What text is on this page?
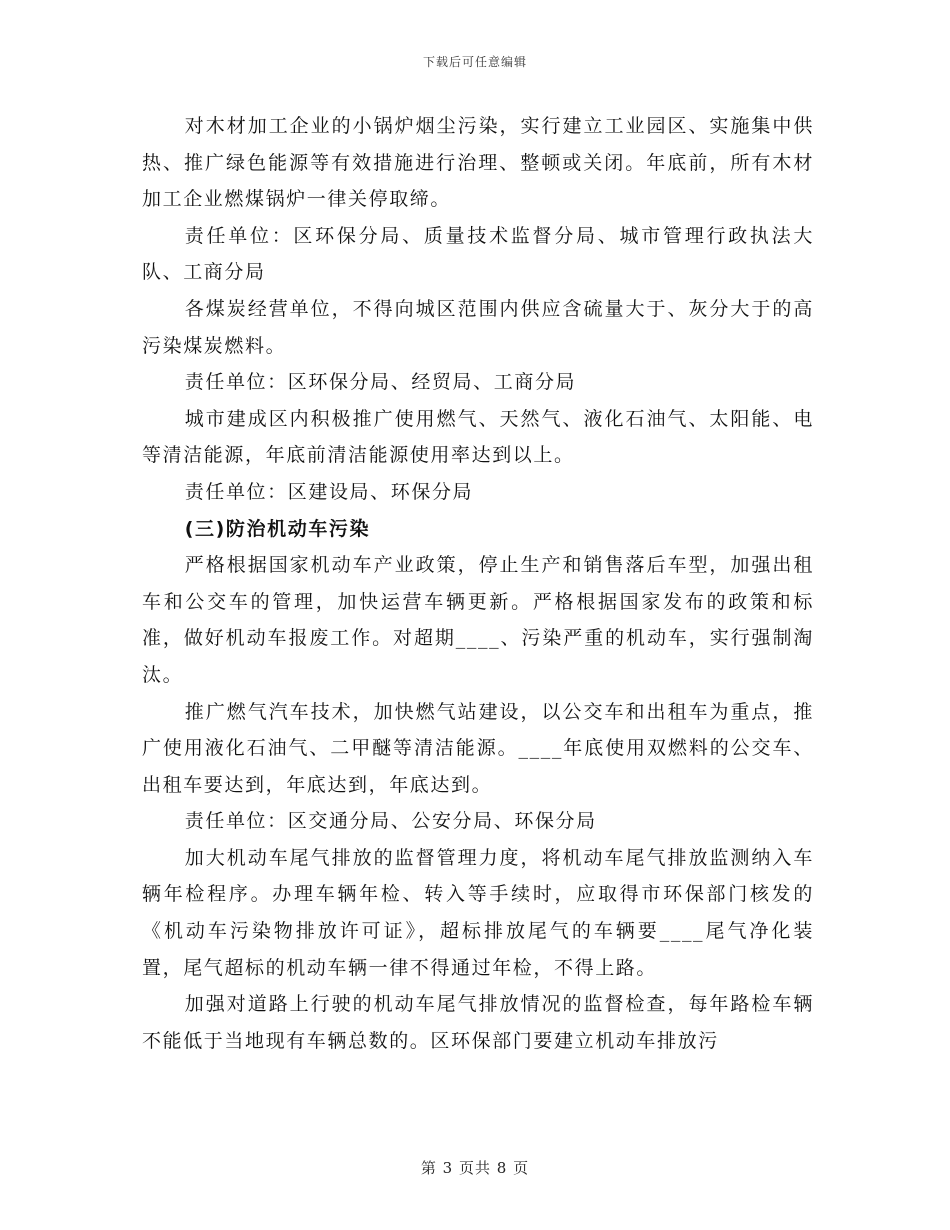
下载后可任意编辑

对木材加工企业的小锅炉烟尘污染，实行建立工业园区、实施集中供热、推广绿色能源等有效措施进行治理、整顿或关闭。年底前，所有木材加工企业燃煤锅炉一律关停取缔。

责任单位：区环保分局、质量技术监督分局、城市管理行政执法大队、工商分局

各煤炭经营单位，不得向城区范围内供应含硫量大于、灰分大于的高污染煤炭燃料。

责任单位：区环保分局、经贸局、工商分局

城市建成区内积极推广使用燃气、天然气、液化石油气、太阳能、电等清洁能源，年底前清洁能源使用率达到以上。

责任单位：区建设局、环保分局

(三)防治机动车污染

严格根据国家机动车产业政策，停止生产和销售落后车型，加强出租车和公交车的管理，加快运营车辆更新。严格根据国家发布的政策和标准，做好机动车报废工作。对超期____、污染严重的机动车，实行强制淘汰。

推广燃气汽车技术，加快燃气站建设，以公交车和出租车为重点，推广使用液化石油气、二甲醚等清洁能源。____年底使用双燃料的公交车、出租车要达到，年底达到，年底达到。

责任单位：区交通分局、公安分局、环保分局

加大机动车尾气排放的监督管理力度，将机动车尾气排放监测纳入车辆年检程序。办理车辆年检、转入等手续时，应取得市环保部门核发的《机动车污染物排放许可证》，超标排放尾气的车辆要____尾气净化装置，尾气超标的机动车辆一律不得通过年检，不得上路。

加强对道路上行驶的机动车尾气排放情况的监督检查，每年路检车辆不能低于当地现有车辆总数的。区环保部门要建立机动车排放污

第 3 页共 8 页
